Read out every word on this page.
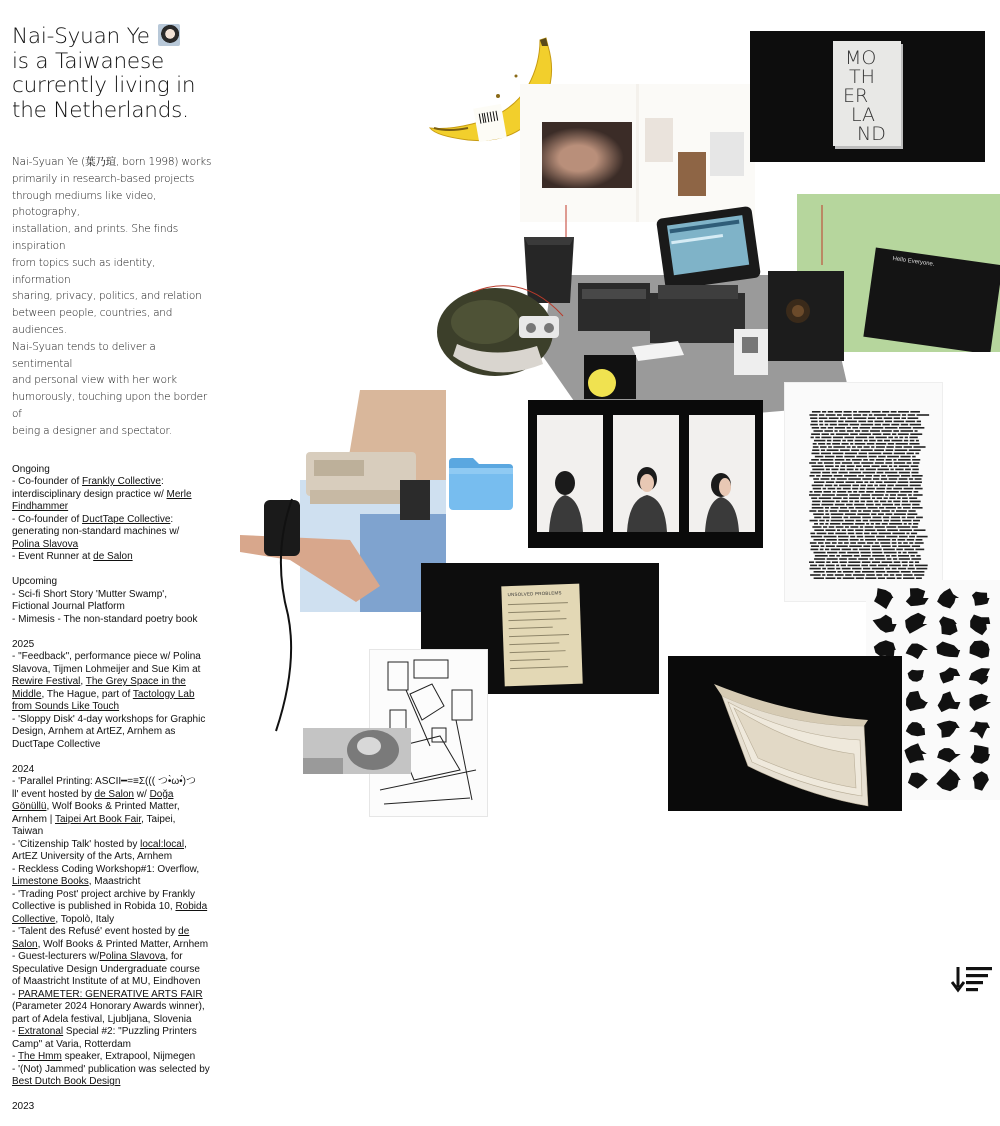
Nai-Syuan Ye
is a Taiwanese
currently living in
the Netherlands.
Nai-Syuan Ye (葉乃瑄, born 1998) works
primarily in research-based projects
through mediums like video, photography,
installation, and prints. She finds inspiration
from topics such as identity, information
sharing, privacy, politics, and relation
between people, countries, and audiences.
Nai-Syuan tends to deliver a sentimental
and personal view with her work
humorously, touching upon the border of
being a designer and spectator.
Ongoing
- Co-founder of Frankly Collective:
interdisciplinary design practice w/ Merle
Findhammer
- Co-founder of DuctTape Collective:
generating non-standard machines w/
Polina Slavova
- Event Runner at de Salon
Upcoming
- Sci-fi Short Story 'Mutter Swamp',
Fictional Journal Platform
- Mimesis - The non-standard poetry book
2025
- "Feedback", performance piece w/ Polina
Slavova, Tijmen Lohmeijer and Sue Kim at
Rewire Festival, The Grey Space in the
Middle, The Hague, part of Tactology Lab
from Sounds Like Touch
- 'Sloppy Disk' 4-day workshops for Graphic
Design, Arnhem at ArtEZ, Arnhem as
DuctTape Collective
2024
- 'Parallel Printing: ASCII━=≡Σ((( つ•̀ω•́)つ
ll' event hosted by de Salon w/ Doğa
Gönüllü, Wolf Books & Printed Matter,
Arnhem | Taipei Art Book Fair, Taipei,
Taiwan
- 'Citizenship Talk' hosted by local:local,
ArtEZ University of the Arts, Arnhem
- Reckless Coding Workshop#1: Overflow,
Limestone Books, Maastricht
- 'Trading Post' project archive by Frankly
Collective is published in Robida 10, Robida
Collective, Topolò, Italy
- 'Talent des Refusé' event hosted by de
Salon, Wolf Books & Printed Matter, Arnhem
- Guest-lecturers w/Polina Slavova, for
Speculative Design Undergraduate course
of Maastricht Institute of at MU, Eindhoven
- PARAMETER: GENERATIVE ARTS FAIR
(Parameter 2024 Honorary Awards winner),
part of Adela festival, Ljubljana, Slovenia
- Extratonal Special #2: "Puzzling Printers
Camp" at Varia, Rotterdam
- The Hmm speaker, Extrapool, Nijmegen
- '(Not) Jammed' publication was selected by
Best Dutch Book Design
2023
MO
TH
ER
LA
ND
Hello Everyone.
UNSOLVED PROBLEMS
